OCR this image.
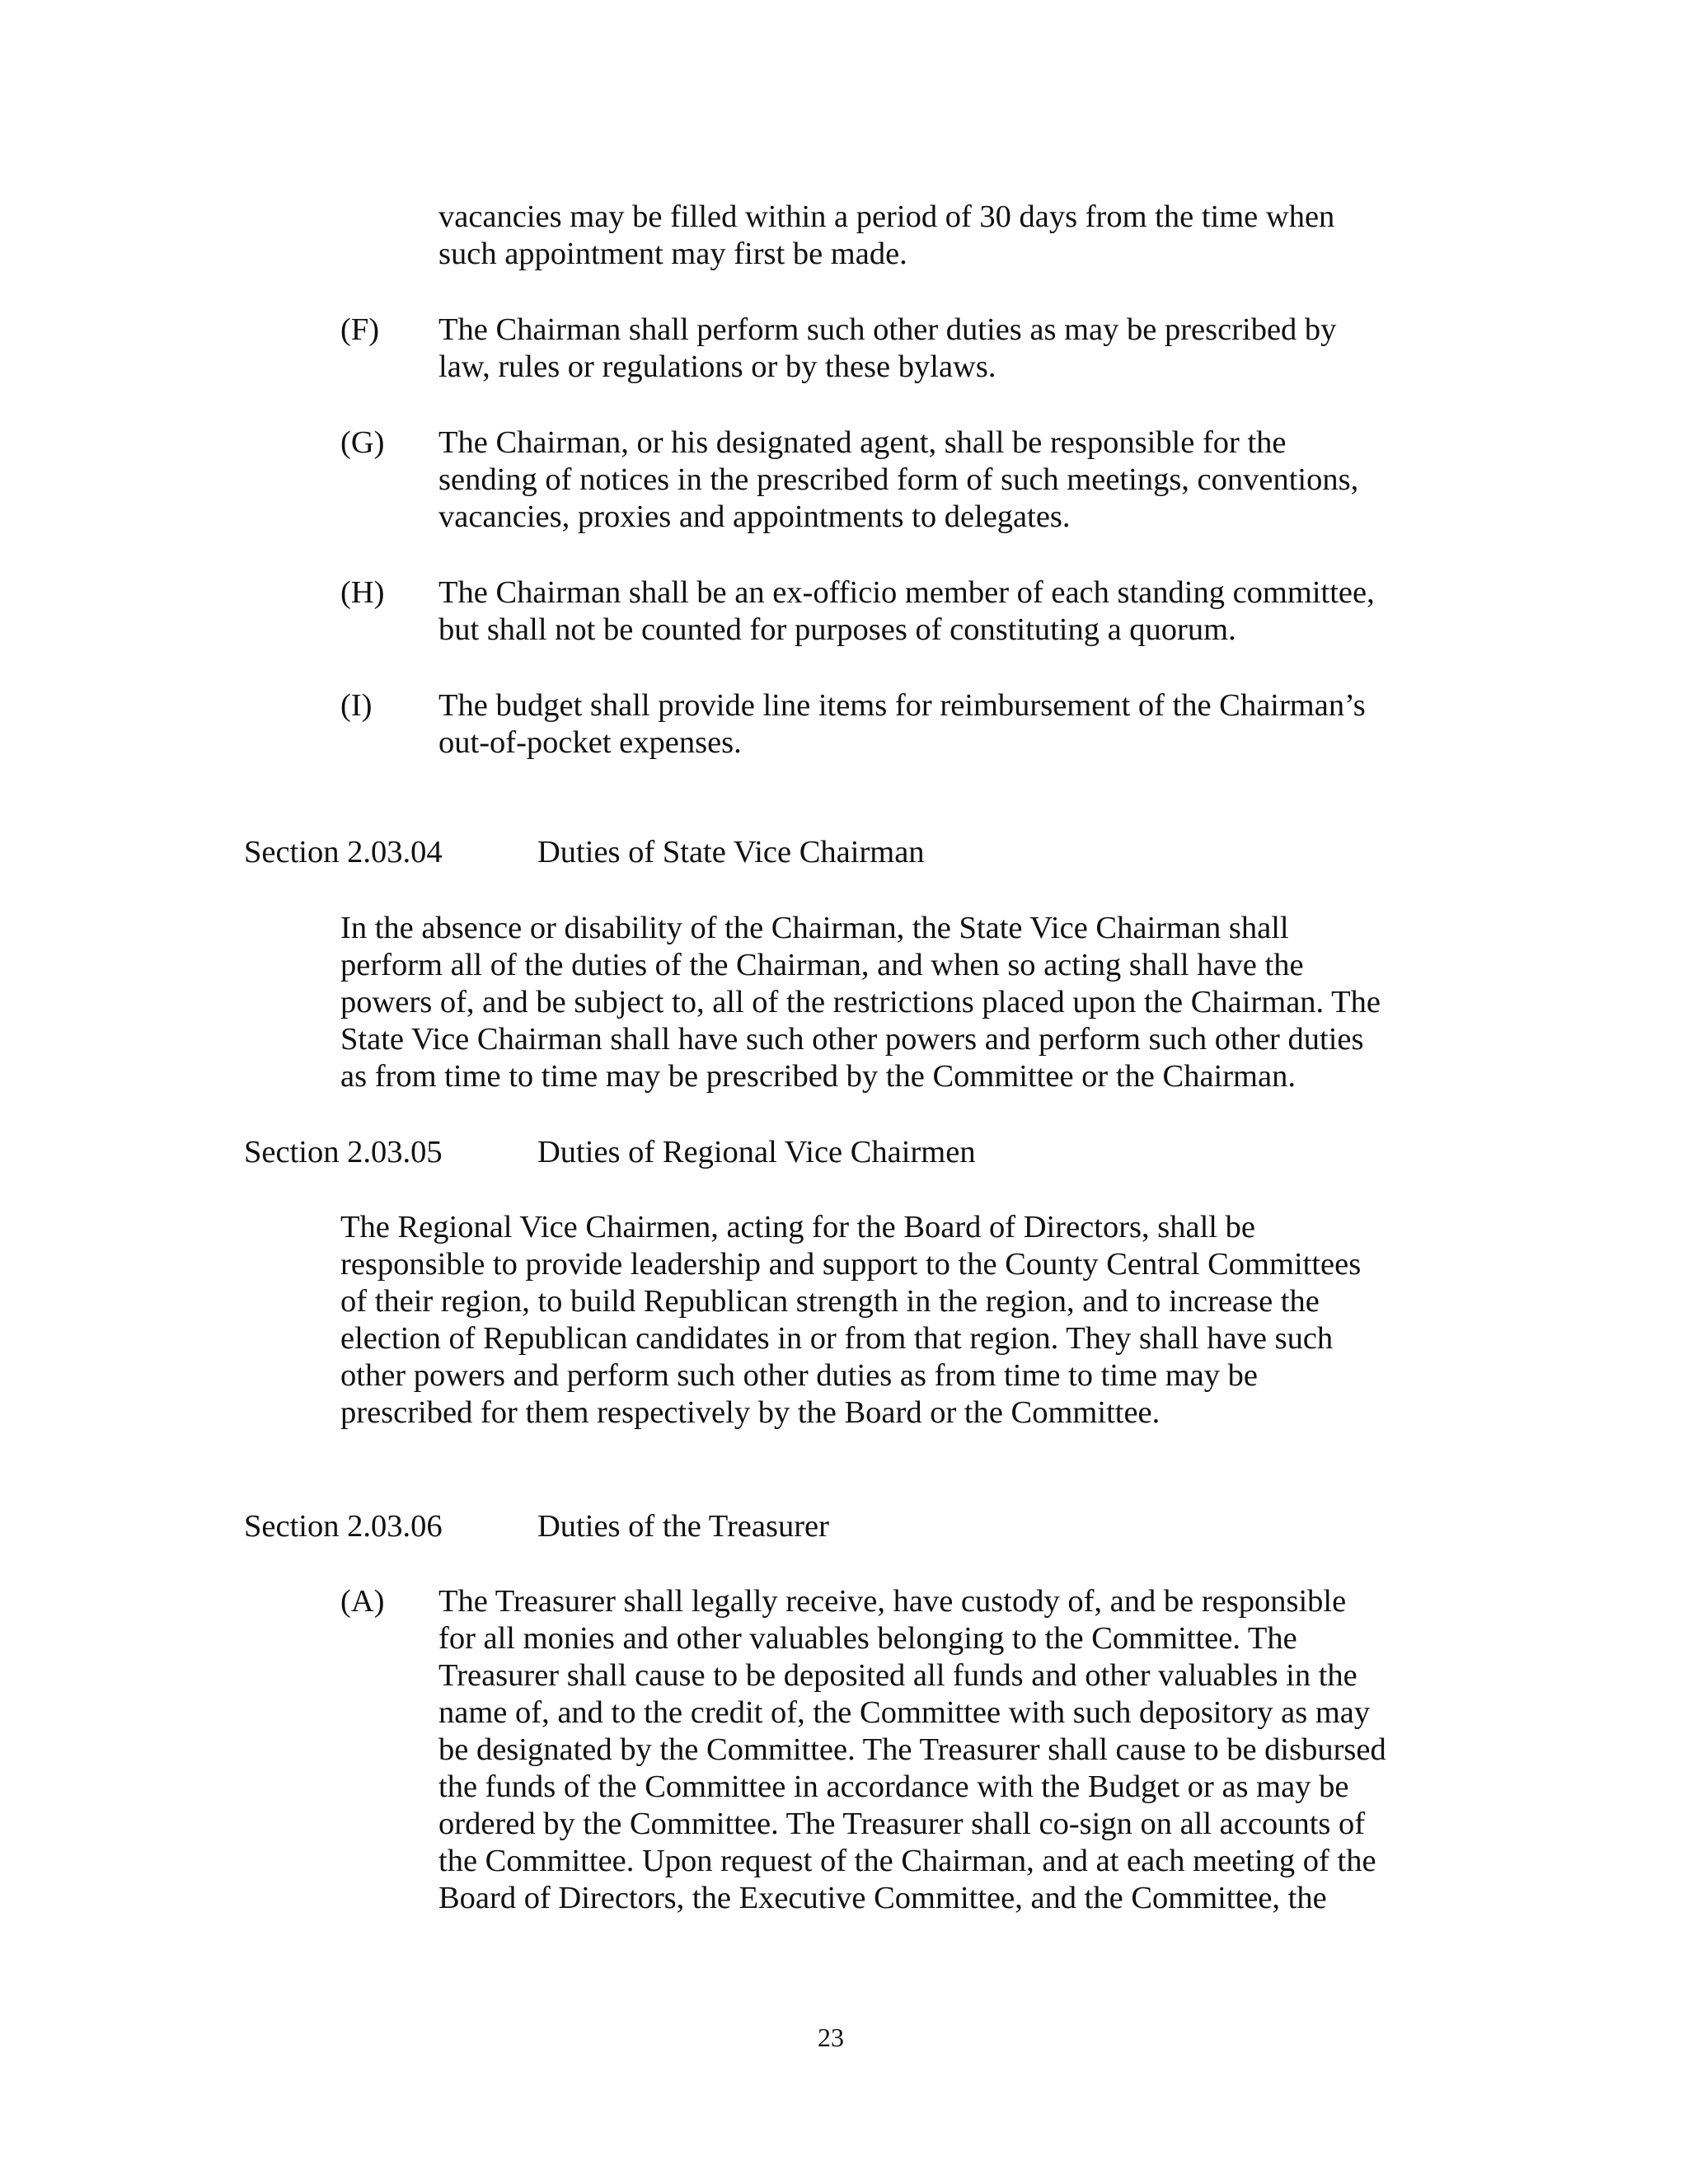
vacancies may be filled within a period of 30 days from the time when

such appointment may first be made.

(F) The Chairman shall perform such other duties as may be prescribed by

law, rules or regulations or by these bylaws.

(G) The Chairman, or his designated agent, shall be responsible for the

sending of notices in the prescribed form of such meetings, conventions,

vacancies, proxies and appointments to delegates.

(H) The Chairman shall be an ex-officio member of each standing committee,

but shall not be counted for purposes of constituting a quorum.

(I) The budget shall provide line items for reimbursement of the Chairman’s

out-of-pocket expenses.

Section 2.03.04	Duties of State Vice Chairman

In the absence or disability of the Chairman, the State Vice Chairman shall

perform all of the duties of the Chairman, and when so acting shall have the

powers of, and be subject to, all of the restrictions placed upon the Chairman. The

State Vice Chairman shall have such other powers and perform such other duties

as from time to time may be prescribed by the Committee or the Chairman.

Section 2.03.05	Duties of Regional Vice Chairmen

The Regional Vice Chairmen, acting for the Board of Directors, shall be

responsible to provide leadership and support to the County Central Committees

of their region, to build Republican strength in the region, and to increase the

election of Republican candidates in or from that region. They shall have such

other powers and perform such other duties as from time to time may be

prescribed for them respectively by the Board or the Committee.

Section 2.03.06	Duties of the Treasurer
(A) The Treasurer shall legally receive, have custody of, and be responsible

for all monies and other valuables belonging to the Committee. The

Treasurer shall cause to be deposited all funds and other valuables in the

name of, and to the credit of, the Committee with such depository as may

be designated by the Committee. The Treasurer shall cause to be disbursed

the funds of the Committee in accordance with the Budget or as may be

ordered by the Committee. The Treasurer shall co-sign on all accounts of

the Committee. Upon request of the Chairman, and at each meeting of the

Board of Directors, the Executive Committee, and the Committee, the

23
